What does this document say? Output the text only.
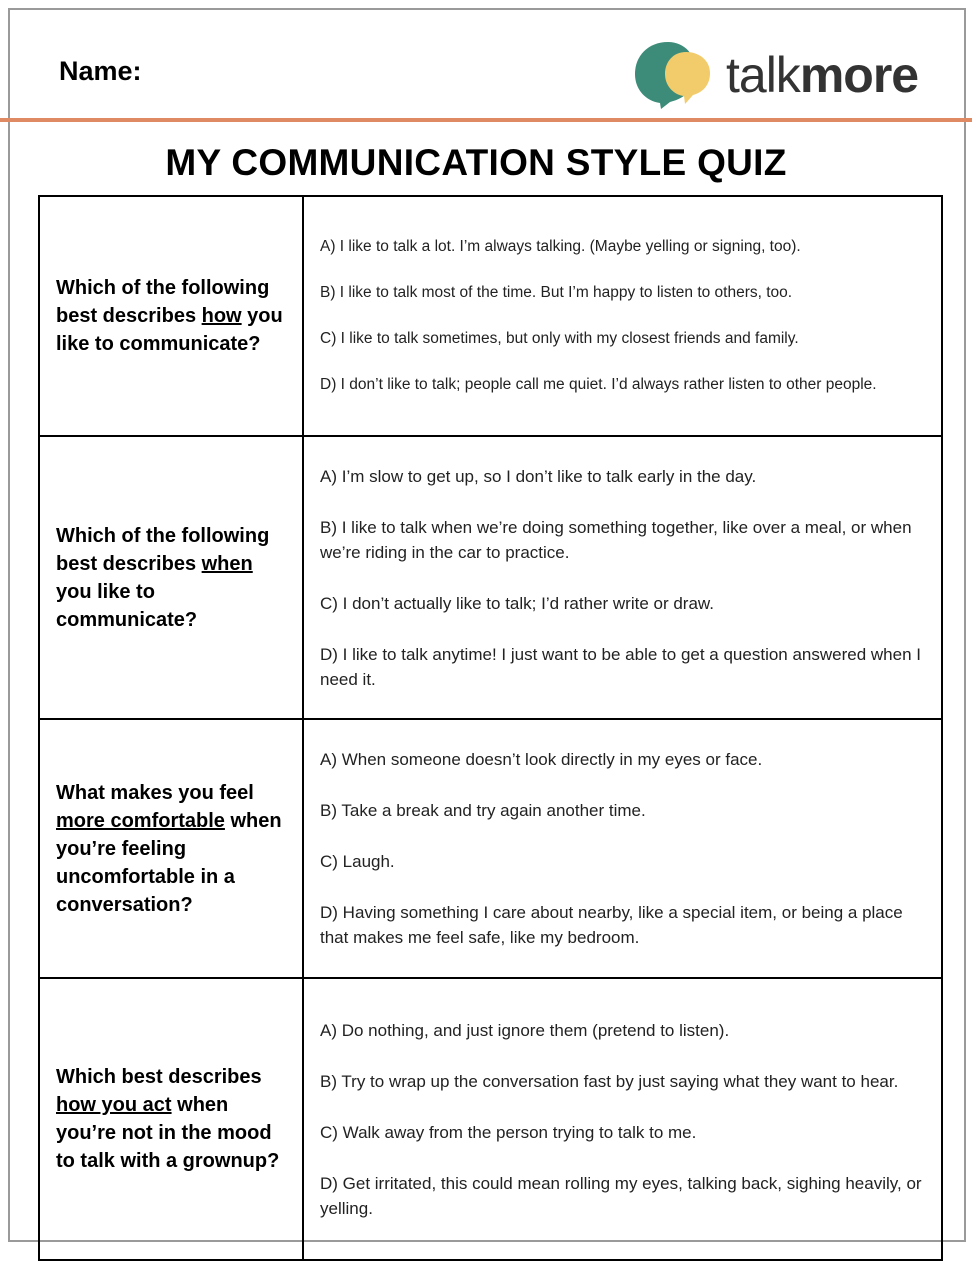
Name:	talkmore
MY COMMUNICATION STYLE QUIZ
Which of the following best describes how you like to communicate?	A) I like to talk a lot. I’m always talking. (Maybe yelling or signing, too).
B) I like to talk most of the time. But I’m happy to listen to others, too.
C) I like to talk sometimes, but only with my closest friends and family.
D) I don’t like to talk; people call me quiet. I’d always rather listen to other people.

Which of the following best describes when you like to communicate?	A) I’m slow to get up, so I don’t like to talk early in the day.
B) I like to talk when we’re doing something together, like over a meal, or when we’re riding in the car to practice.
C) I don’t actually like to talk; I’d rather write or draw.
D) I like to talk anytime! I just want to be able to get a question answered when I need it.

What makes you feel more comfortable when you’re feeling uncomfortable in a conversation?	A) When someone doesn’t look directly in my eyes or face.
B) Take a break and try again another time.
C) Laugh.
D) Having something I care about nearby, like a special item, or being a place that makes me feel safe, like my bedroom.

Which best describes how you act when you’re not in the mood to talk with a grownup?	A) Do nothing, and just ignore them (pretend to listen).
B) Try to wrap up the conversation fast by just saying what they want to hear.
C) Walk away from the person trying to talk to me.
D) Get irritated, this could mean rolling my eyes, talking back, sighing heavily, or yelling.
